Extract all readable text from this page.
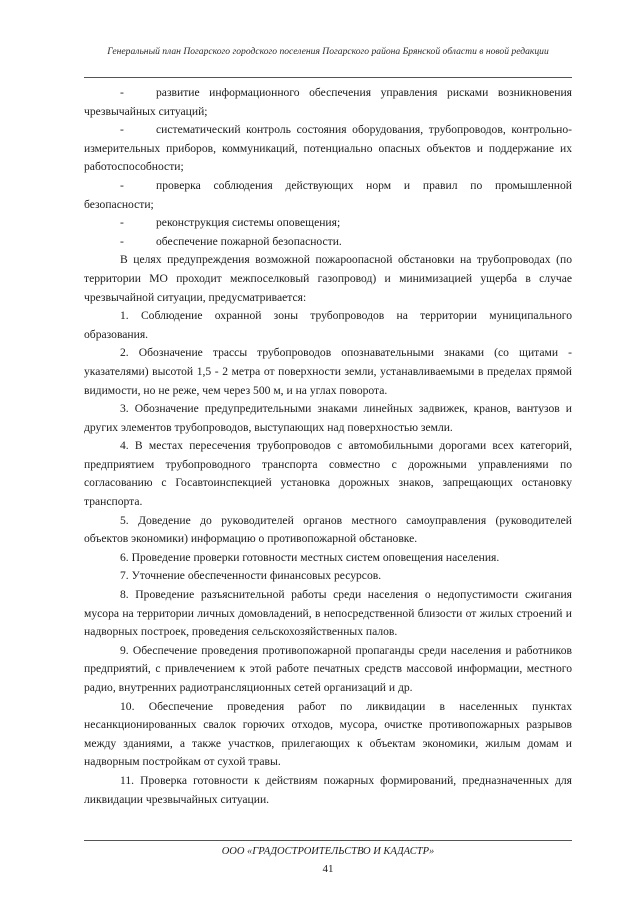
Генеральный план Погарского городского поселения Погарского района Брянской области в новой редакции

-	развитие информационного обеспечения управления рисками возникновения чрезвычайных ситуаций;

-	систематический контроль состояния оборудования, трубопроводов, контрольно-измерительных приборов, коммуникаций, потенциально опасных объектов и поддержание их работоспособности;

-	проверка соблюдения действующих норм и правил по промышленной безопасности;

-	реконструкция системы оповещения;

-	обеспечение пожарной безопасности.

В целях предупреждения возможной пожароопасной обстановки на трубопроводах (по территории МО проходит межпоселковый газопровод) и минимизацией ущерба в случае чрезвычайной ситуации, предусматривается:

1. Соблюдение охранной зоны трубопроводов на территории муниципального образования.

2. Обозначение трассы трубопроводов опознавательными знаками (со щитами - указателями) высотой 1,5 - 2 метра от поверхности земли, устанавливаемыми в пределах прямой видимости, но не реже, чем через 500 м, и на углах поворота.

3. Обозначение предупредительными знаками линейных задвижек, кранов, вантузов и других элементов трубопроводов, выступающих над поверхностью земли.

4. В местах пересечения трубопроводов с автомобильными дорогами всех категорий, предприятием трубопроводного транспорта совместно с дорожными управлениями по согласованию с Госавтоинспекцией установка дорожных знаков, запрещающих остановку транспорта.

5. Доведение до руководителей органов местного самоуправления (руководителей объектов экономики) информацию о противопожарной обстановке.

6. Проведение проверки готовности местных систем оповещения населения.

7. Уточнение обеспеченности финансовых ресурсов.

8. Проведение разъяснительной работы среди населения о недопустимости сжигания мусора на территории личных домовладений, в непосредственной близости от жилых строений и надворных построек, проведения сельскохозяйственных палов.

9. Обеспечение проведения противопожарной пропаганды среди населения и работников предприятий, с привлечением к этой работе печатных средств массовой информации, местного радио, внутренних радиотрансляционных сетей организаций и др.

10. Обеспечение проведения работ по ликвидации в населенных пунктах несанкционированных свалок горючих отходов, мусора, очистке противопожарных разрывов между зданиями, а также участков, прилегающих к объектам экономики, жилым домам и надворным постройкам от сухой травы.

11. Проверка готовности к действиям пожарных формирований, предназначенных для ликвидации чрезвычайных ситуации.

ООО «ГРАДОСТРОИТЕЛЬСТВО И КАДАСТР»
41
